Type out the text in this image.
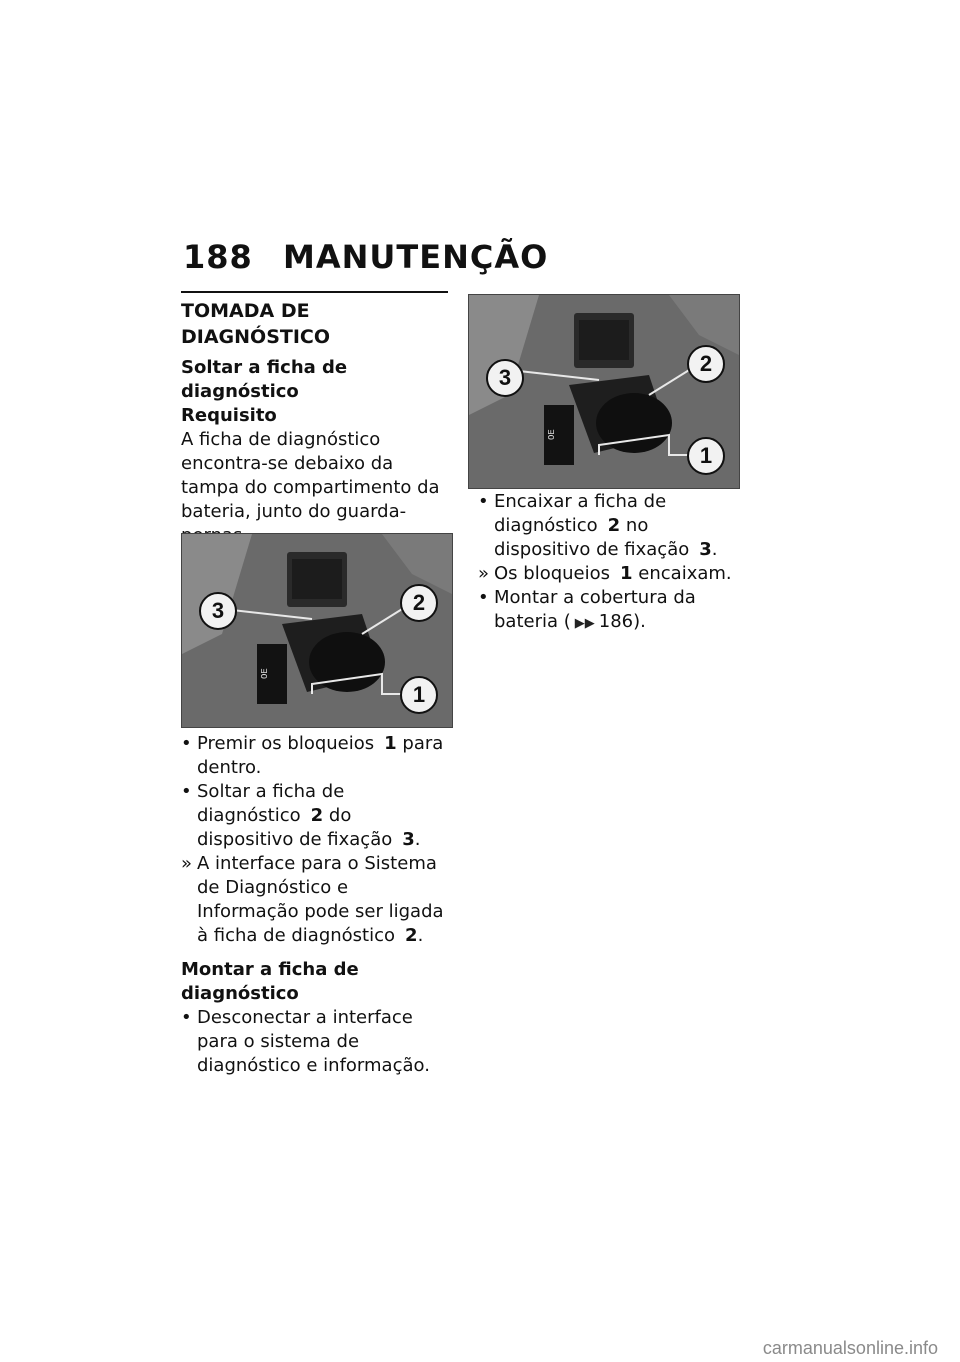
188 MANUTENÇÃO

TOMADA DE DIAGNÓSTICO

Soltar a ficha de diagnóstico

Requisito

A ficha de diagnóstico encontra-se debaixo da tampa do compartimento da bateria, junto do guarda-

OE
3	2
1

• Premir os bloqueios 1 para dentro.

• Soltar a ficha de diagnóstico 2 do dispositivo de fixação 3.

» A interface para o Sistema de Diagnóstico e Informação pode ser ligada à ficha de diagnóstico 2.

Montar a ficha de diagnóstico

• Desconectar a interface para o sistema de diagnóstico e informação.

OE
3
2
1

• Encaixar a ficha de diagnóstico 2 no dispositivo de fixação 3.

» Os bloqueios 1 encaixam.

• Montar a cobertura da bateria ( ▶▶ 186).

carmanualsonline.info
